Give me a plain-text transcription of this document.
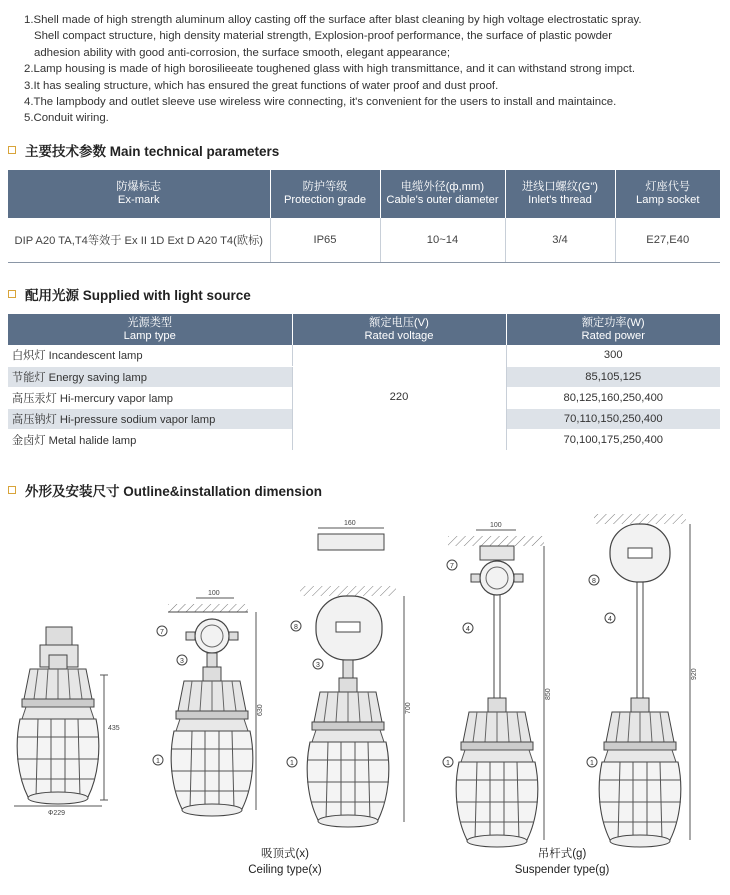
1.Shell made of high strength aluminum alloy casting off the surface after blast cleaning by high voltage electrostatic spray.

Shell compact structure, high density material strength, Explosion-proof performance, the surface of plastic powder

adhesion ability with good anti-corrosion, the surface smooth, elegant appearance;

2.Lamp housing is made of high borosilieeate toughened glass with high transmittance, and it can withstand strong impct.

3.It has sealing structure, which has ensured the great functions of water proof and dust proof.

4.The lampbody and outlet sleeve use wireless wire connecting, it's convenient for the users to install and maintaince.

5.Conduit wiring.

主要技术参数 Main technical parameters
防爆标志
Ex-mark	防护等级
Protection grade	电缆外径(ф,mm)
Cable's outer diameter	进线口螺纹(G")
Inlet's thread	灯座代号
Lamp socket
DIP A20 TA,T4等效于 Ex II 1D Ext D A20 T4(欧标)	IP65	10~14	3/4	E27,E40
配用光源 Supplied with light source
光源类型
Lamp type	额定电压(V)
Rated voltage	额定功率(W)
Rated power
白炽灯 Incandescent lamp	220	300
节能灯 Energy saving lamp		85,105,125
高压汞灯 Hi-mercury vapor lamp		80,125,160,250,400
高压钠灯 Hi-pressure sodium vapor lamp		70,110,150,250,400
金卤灯 Metal halide lamp		70,100,175,250,400
外形及安装尺寸 Outline&installation dimension
435
Ф229
100
630
160
700
100
850
920
7
3
1
8
3
1
7
4
1
8
4
1
吸顶式(x)
Ceiling type(x)
吊杆式(g)
Suspender type(g)
